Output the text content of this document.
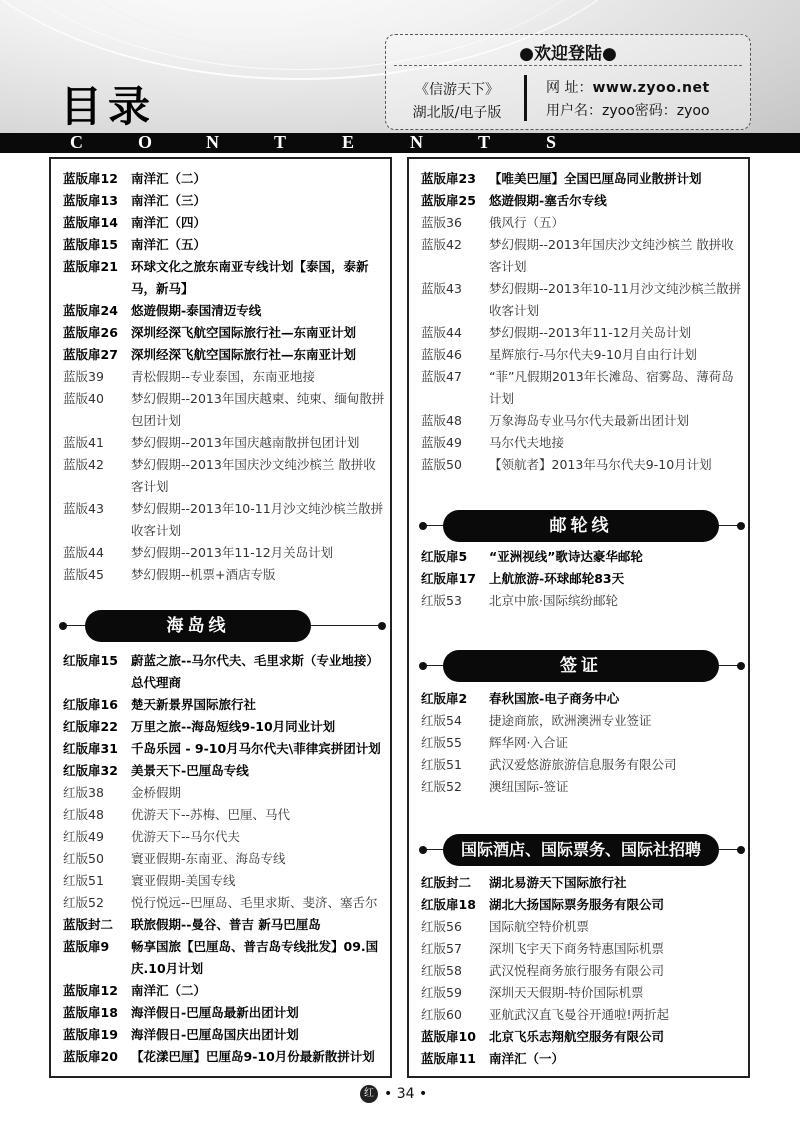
目录
●欢迎登陆●
《信游天下》
湖北版/电子版
网 址：www.zyoo.net
用户名：zyoo密码：zyoo
C	O	N	T	E	N	T	S
蓝版扉12	南洋汇（二）
蓝版扉13	南洋汇（三）
蓝版扉14	南洋汇（四）
蓝版扉15	南洋汇（五）
蓝版扉21	环球文化之旅东南亚专线计划【泰国，泰新马，新马】
蓝版扉24	悠遊假期-泰国清迈专线
蓝版扉26	深圳经深飞航空国际旅行社—东南亚计划
蓝版扉27	深圳经深飞航空国际旅行社—东南亚计划
蓝版39	青松假期--专业泰国，东南亚地接
蓝版40	梦幻假期--2013年国庆越柬、纯柬、缅甸散拼包团计划
蓝版41	梦幻假期--2013年国庆越南散拼包团计划
蓝版42	梦幻假期--2013年国庆沙文纯沙槟兰 散拼收客计划
蓝版43	梦幻假期--2013年10-11月沙文纯沙槟兰散拼收客计划
蓝版44	梦幻假期--2013年11-12月关岛计划
蓝版45	梦幻假期--机票+酒店专版
海岛线
红版扉15	蔚蓝之旅--马尔代夫、毛里求斯（专业地接）总代理商
红版扉16	楚天新景界国际旅行社
红版扉22	万里之旅--海岛短线9-10月同业计划
红版扉31	千岛乐园 - 9-10月马尔代夫\菲律宾拼团计划
红版扉32	美景天下-巴厘岛专线
红版38	金桥假期
红版48	优游天下--苏梅、巴厘、马代
红版49	优游天下--马尔代夫
红版50	寰亚假期-东南亚、海岛专线
红版51	寰亚假期-美国专线
红版52	悦行悦远--巴厘岛、毛里求斯、斐济、塞舌尔
蓝版封二	联旅假期--曼谷、普吉 新马巴厘岛
蓝版扉9	畅享国旅【巴厘岛、普吉岛专线批发】09.国庆.10月计划
蓝版扉12	南洋汇（二）
蓝版扉18	海洋假日-巴厘岛最新出团计划
蓝版扉19	海洋假日-巴厘岛国庆出团计划
蓝版扉20	【花漾巴厘】巴厘岛9-10月份最新散拼计划
蓝版扉23	【唯美巴厘】全国巴厘岛同业散拼计划
蓝版扉25	悠遊假期-塞舌尔专线
蓝版36	俄风行（五）
蓝版42	梦幻假期--2013年国庆沙文纯沙槟兰 散拼收客计划
蓝版43	梦幻假期--2013年10-11月沙文纯沙槟兰散拼收客计划
蓝版44	梦幻假期--2013年11-12月关岛计划
蓝版46	星辉旅行-马尔代夫9-10月自由行计划
蓝版47	“菲”凡假期2013年长滩岛、宿雾岛、薄荷岛计划
蓝版48	万象海岛专业马尔代夫最新出团计划
蓝版49	马尔代夫地接
蓝版50	【领航者】2013年马尔代夫9-10月计划
邮轮线
红版扉5	“亚洲视线”歌诗达豪华邮轮
红版扉17	上航旅游-环球邮轮83天
红版53	北京中旅·国际缤纷邮轮
签证
红版扉2	春秋国旅-电子商务中心
红版54	捷途商旅，欧洲澳洲专业签证
红版55	辉华网·入合证
红版51	武汉爱悠游旅游信息服务有限公司
红版52	澳纽国际-签证
国际酒店、国际票务、国际社招聘
红版封二	湖北易游天下国际旅行社
红版扉18	湖北大扬国际票务服务有限公司
红版56	国际航空特价机票
红版57	深圳飞宇天下商务特惠国际机票
红版58	武汉悦程商务旅行服务有限公司
红版59	深圳天天假期-特价国际机票
红版60	亚航武汉直飞曼谷开通啦!两折起
蓝版扉10	北京飞乐志翔航空服务有限公司
蓝版扉11	南洋汇（一）
红 • 34 •
